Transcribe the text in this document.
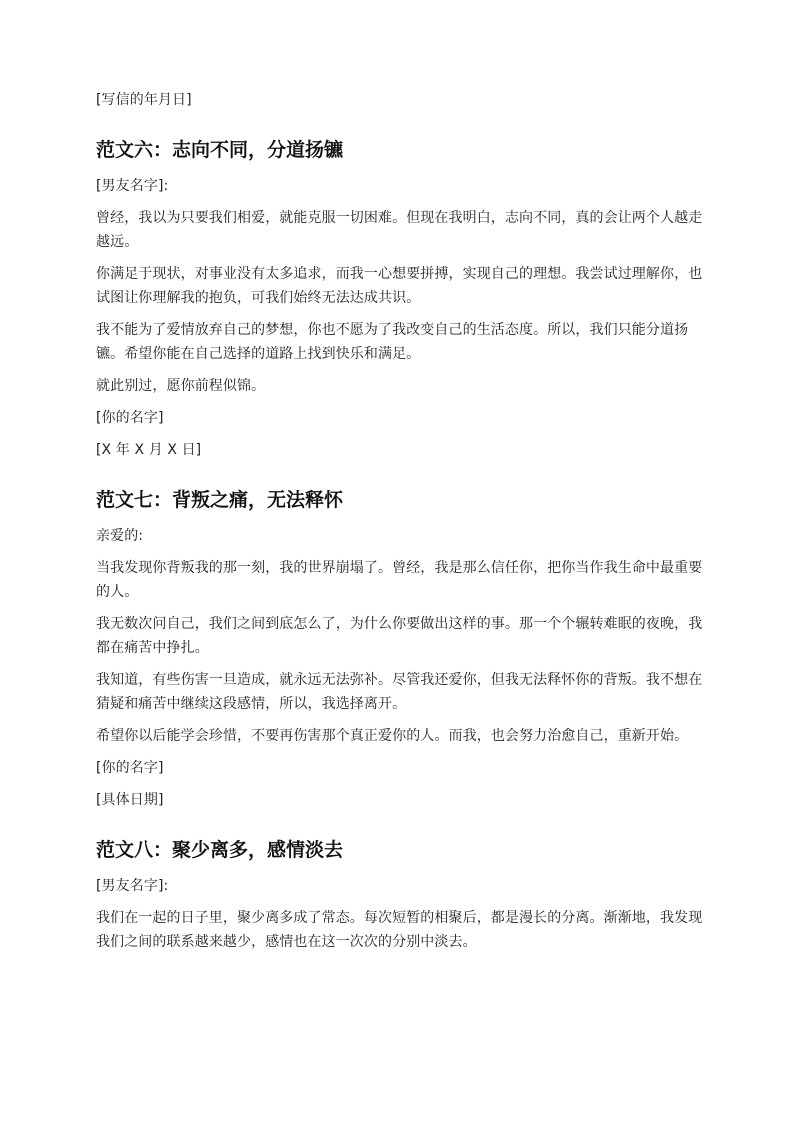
[写信的年月日]

范文六：志向不同，分道扬镳

[男友名字]:

曾经，我以为只要我们相爱，就能克服一切困难。但现在我明白，志向不同，真的会让两个人越走越远。

你满足于现状，对事业没有太多追求，而我一心想要拼搏，实现自己的理想。我尝试过理解你，也试图让你理解我的抱负，可我们始终无法达成共识。

我不能为了爱情放弃自己的梦想，你也不愿为了我改变自己的生活态度。所以，我们只能分道扬镳。希望你能在自己选择的道路上找到快乐和满足。

就此别过，愿你前程似锦。

[你的名字]

[X 年 X 月 X 日]

范文七：背叛之痛，无法释怀

亲爱的:

当我发现你背叛我的那一刻，我的世界崩塌了。曾经，我是那么信任你，把你当作我生命中最重要的人。

我无数次问自己，我们之间到底怎么了，为什么你要做出这样的事。那一个个辗转难眠的夜晚，我都在痛苦中挣扎。

我知道，有些伤害一旦造成，就永远无法弥补。尽管我还爱你，但我无法释怀你的背叛。我不想在猜疑和痛苦中继续这段感情，所以，我选择离开。

希望你以后能学会珍惜，不要再伤害那个真正爱你的人。而我，也会努力治愈自己，重新开始。

[你的名字]

[具体日期]

范文八：聚少离多，感情淡去

[男友名字]:

我们在一起的日子里，聚少离多成了常态。每次短暂的相聚后，都是漫长的分离。渐渐地，我发现我们之间的联系越来越少，感情也在这一次次的分别中淡去。
